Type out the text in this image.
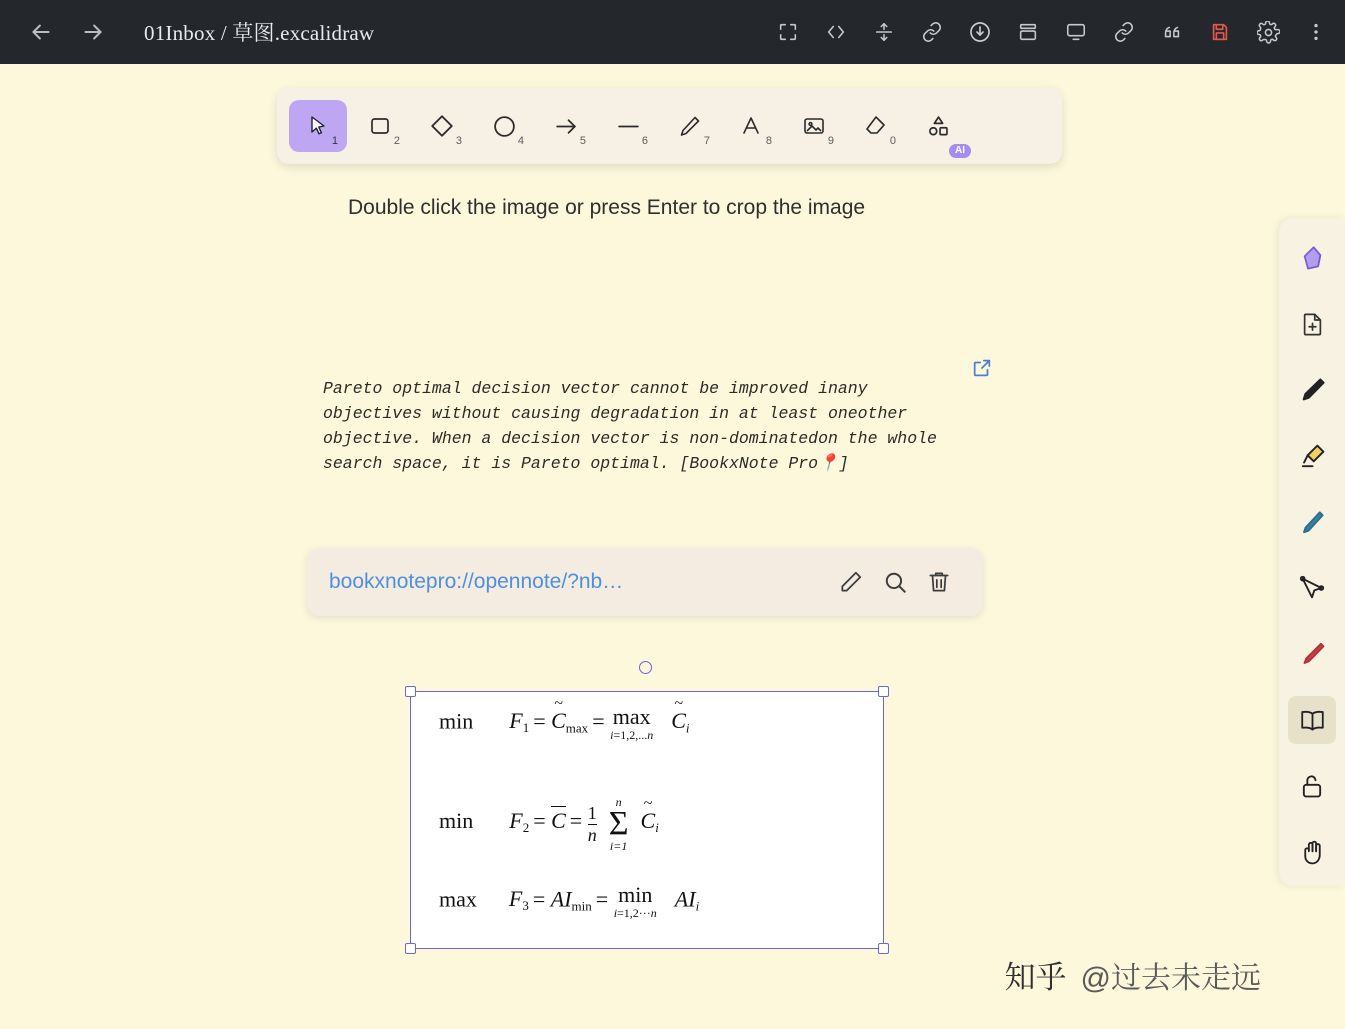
01Inbox / 草图.excalidraw
1	2	3	4	5	6	7	8	9	0
AI
Double click the image or press Enter to crop the image
Pareto optimal decision vector cannot be improved inany
objectives without causing degradation in at least oneother
objective. When a decision vector is non-dominatedon the whole
search space, it is Pareto optimal. [BookxNote Pro📍]
bookxnotepro://opennote/?nb…
$\min F_1 = C$
~
$_{max}$ = max
i=1,2,...n
C
~
$_i$
$\min F_2 = C$
= $\frac{1}{n}$

n
Σ
i=1
C
~
$_i$
$\max F_3 = AI_{min} = \min$
i=1,2···n
$AI_i$
知乎 @过去未走远
